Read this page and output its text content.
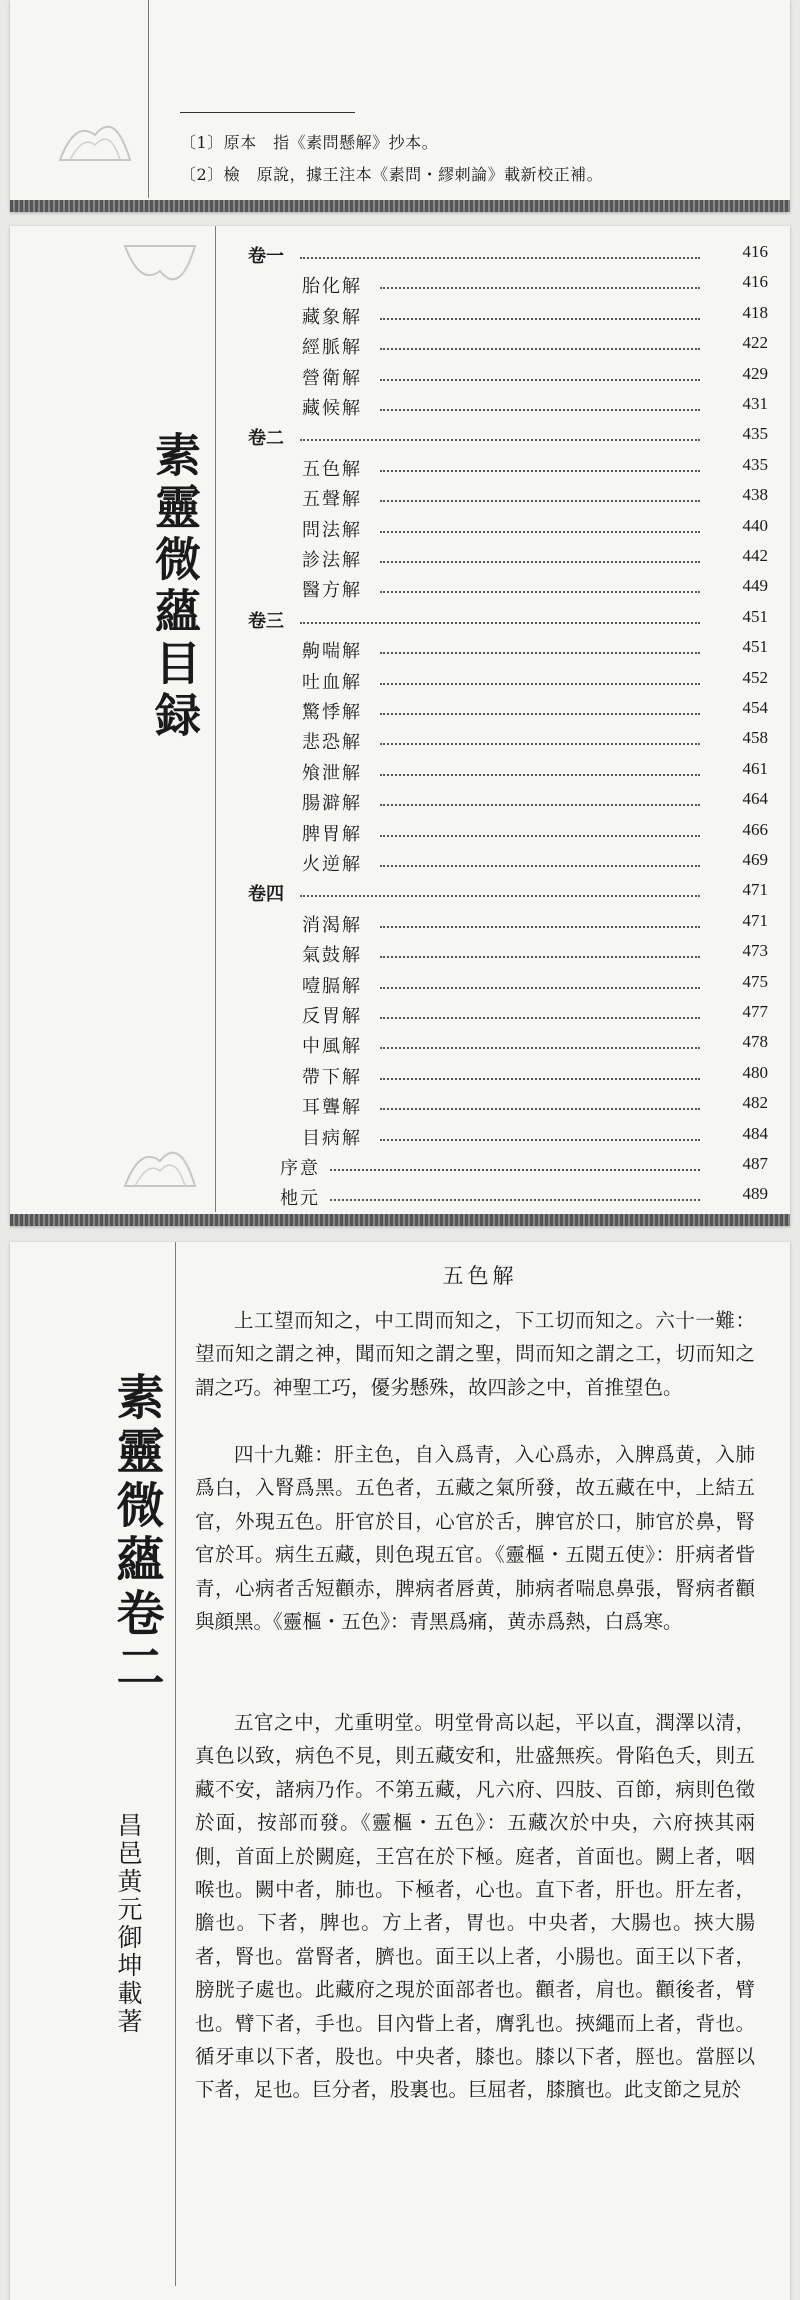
〔1〕原本　指《素問懸解》抄本。
〔2〕檢　原說，據王注本《素問・繆刺論》載新校正補。
素靈微蘊目録
卷一	416
胎化解	416
藏象解	418
經脈解	422
營衛解	429
藏候解	431
卷二	435
五色解	435
五聲解	438
問法解	440
診法解	442
醫方解	449
卷三	451
齁喘解	451
吐血解	452
驚悸解	454
悲恐解	458
飧泄解	461
腸澼解	464
脾胃解	466
火逆解	469
卷四	471
消渴解	471
氣鼓解	473
噎膈解	475
反胃解	477
中風解	478
帶下解	480
耳聾解	482
目病解	484
序意	487
杝元	489
素靈微蘊卷二
昌邑黄元御坤載著
五色解
上工望而知之，中工問而知之，下工切而知之。六十一難：望而知之謂之神，聞而知之謂之聖，問而知之謂之工，切而知之謂之巧。神聖工巧，優劣懸殊，故四診之中，首推望色。
四十九難：肝主色，自入爲青，入心爲赤，入脾爲黄，入肺爲白，入腎爲黑。五色者，五藏之氣所發，故五藏在中，上結五官，外現五色。肝官於目，心官於舌，脾官於口，肺官於鼻，腎官於耳。病生五藏，則色現五官。《靈樞・五閲五使》：肝病者眥青，心病者舌短顴赤，脾病者唇黄，肺病者喘息鼻張，腎病者顴與顔黑。《靈樞・五色》：青黑爲痛，黄赤爲熱，白爲寒。
五官之中，尤重明堂。明堂骨高以起，平以直，潤澤以清，真色以致，病色不見，則五藏安和，壯盛無疾。骨陷色夭，則五藏不安，諸病乃作。不第五藏，凡六府、四肢、百節，病則色徵於面，按部而發。《靈樞・五色》：五藏次於中央，六府挾其兩側，首面上於闕庭，王宫在於下極。庭者，首面也。闕上者，咽喉也。闕中者，肺也。下極者，心也。直下者，肝也。肝左者，膽也。下者，脾也。方上者，胃也。中央者，大腸也。挾大腸者，腎也。當腎者，臍也。面王以上者，小腸也。面王以下者，膀胱子處也。此藏府之現於面部者也。顴者，肩也。顴後者，臂也。臂下者，手也。目內眥上者，膺乳也。挾繩而上者，背也。循牙車以下者，股也。中央者，膝也。膝以下者，脛也。當脛以下者，足也。巨分者，股裏也。巨屈者，膝臏也。此支節之見於
